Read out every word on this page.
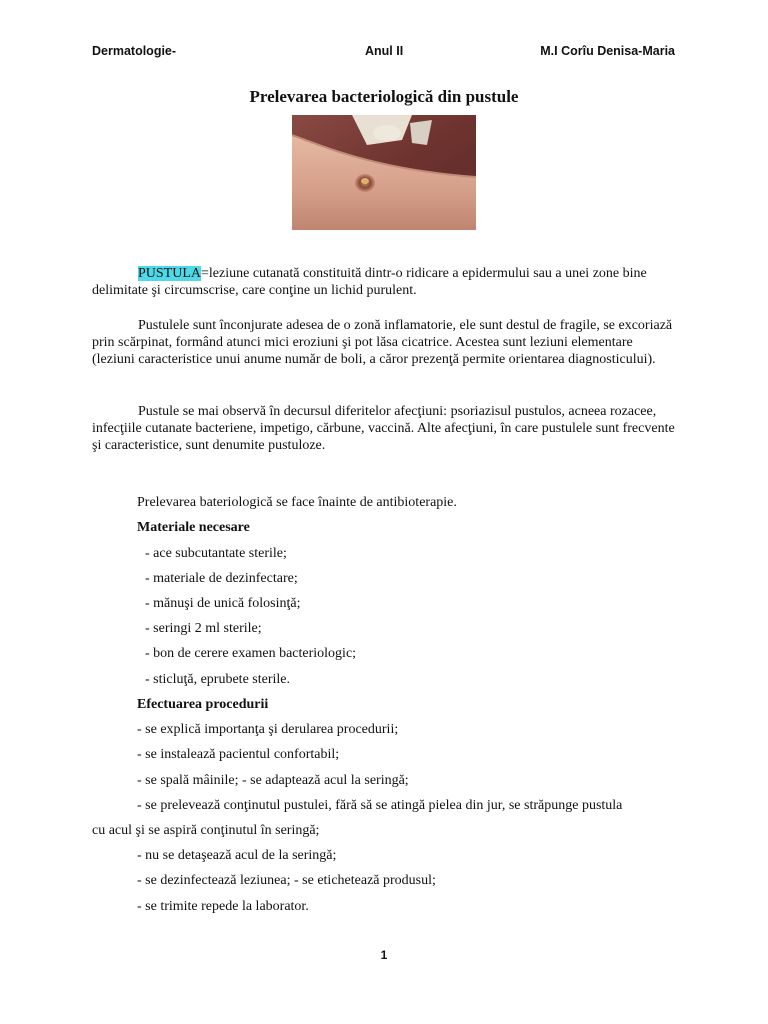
Dermatologie-	Anul II	M.I Corîu Denisa-Maria
Prelevarea bacteriologică din pustule

PUSTULA=leziune cutanată constituită dintr-o ridicare a epidermului sau a unei zone bine delimitate şi circumscrise, care conţine un lichid purulent.

Pustulele sunt înconjurate adesea de o zonă inflamatorie, ele sunt destul de fragile, se excoriază prin scărpinat, formând atunci mici eroziuni şi pot lăsa cicatrice. Acestea sunt leziuni elementare (leziuni caracteristice unui anume număr de boli, a căror prezenţă permite orientarea diagnosticului).

Pustule se mai observă în decursul diferitelor afecţiuni: psoriazisul pustulos, acneea rozacee, infecţiile cutanate bacteriene, impetigo, cărbune, vaccină. Alte afecţiuni, în care pustulele sunt frecvente şi caracteristice, sunt denumite pustuloze.

Prelevarea bateriologică se face înainte de antibioterapie.
Materiale necesare
- ace subcutantate sterile;
- materiale de dezinfectare;
- mănuşi de unică folosinţă;
- seringi 2 ml sterile;
- bon de cerere examen bacteriologic;
- sticluţă, eprubete sterile.
Efectuarea procedurii
- se explică importanţa şi derularea procedurii;
- se instalează pacientul confortabil;
- se spală mâinile; - se adaptează acul la seringă;
- se prelevează conţinutul pustulei, fără să se atingă pielea din jur, se străpunge pustula
cu acul şi se aspiră conţinutul în seringă;
- nu se detaşează acul de la seringă;
- se dezinfectează leziunea; - se etichetează produsul;
- se trimite repede la laborator.
1
